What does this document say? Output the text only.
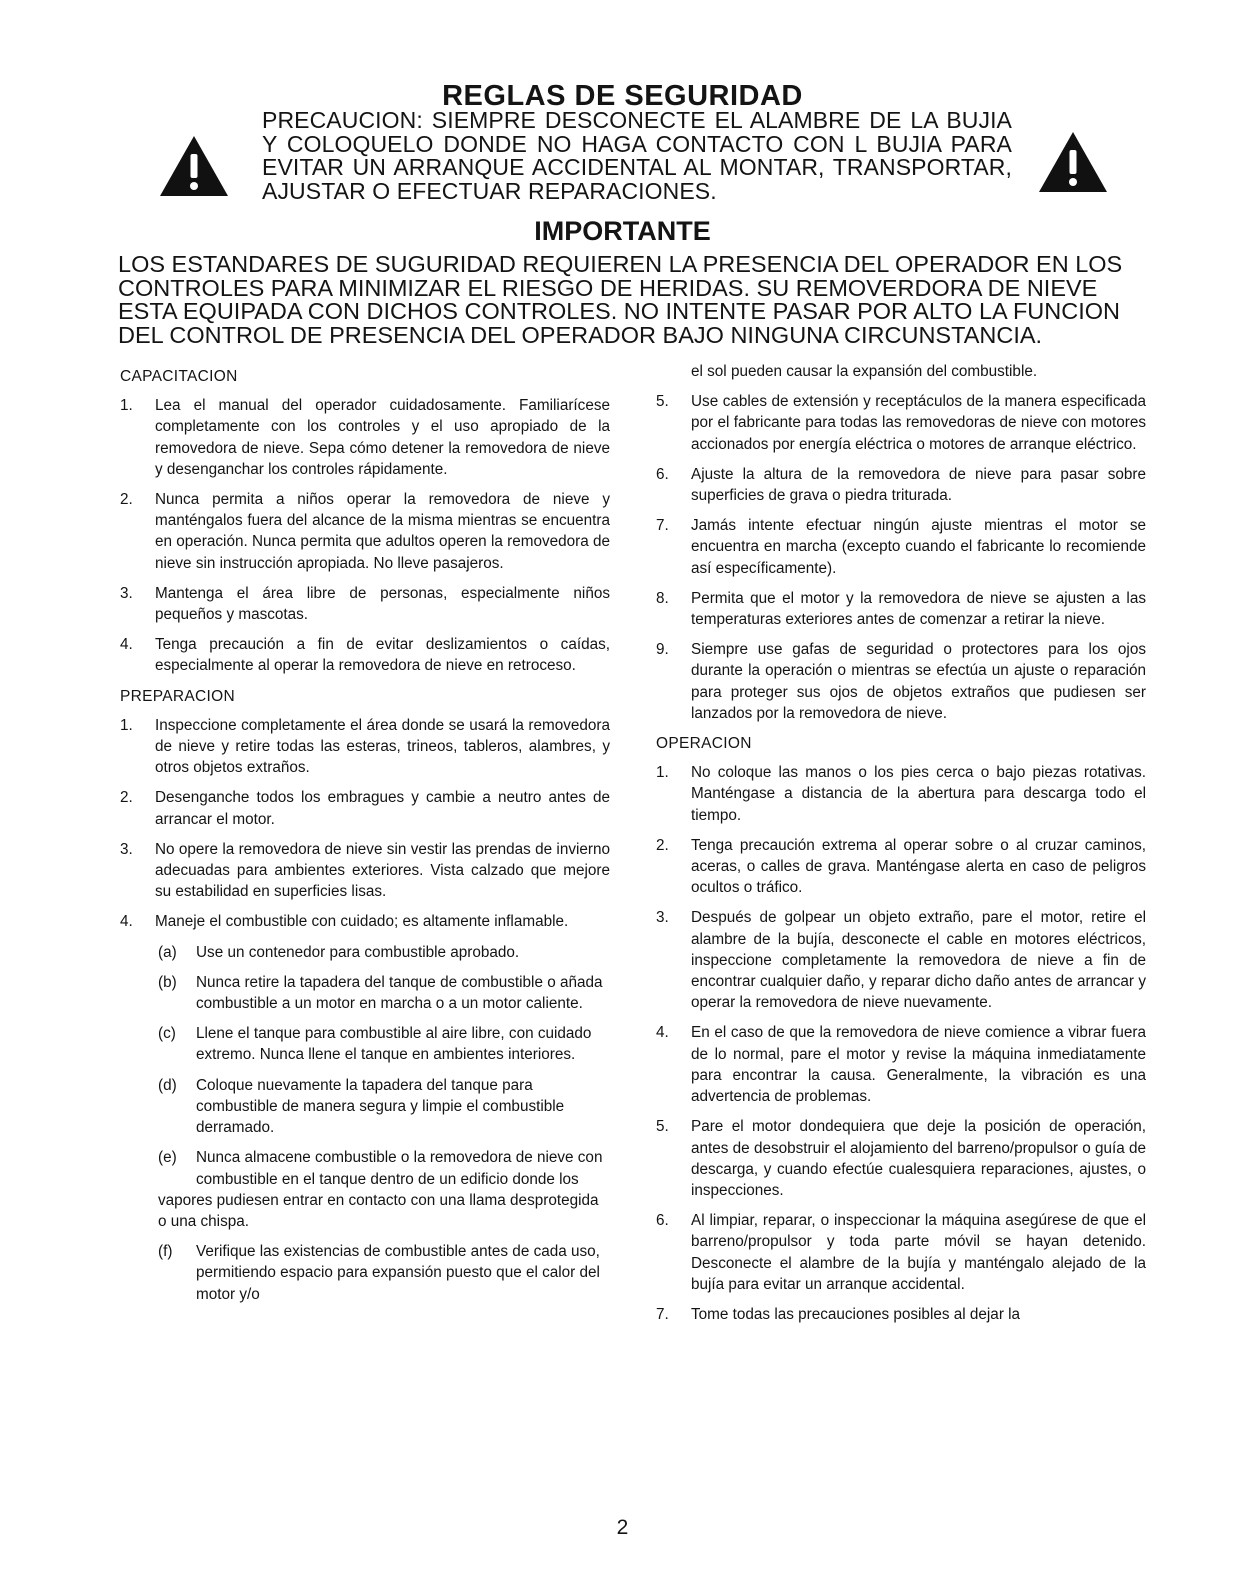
REGLAS DE SEGURIDAD
PRECAUCION: SIEMPRE DESCONECTE EL ALAMBRE DE LA BUJIA Y COLOQUELO DONDE NO HAGA CONTACTO CON L BUJIA PARA EVITAR UN ARRANQUE ACCIDENTAL AL MONTAR, TRANSPORTAR, AJUSTAR O EFECTUAR REPARACIONES.
IMPORTANTE
LOS ESTANDARES DE SUGURIDAD REQUIEREN LA PRESENCIA DEL OPERADOR EN LOS CONTROLES PARA MINIMIZAR EL RIESGO DE HERIDAS. SU REMOVERDORA DE NIEVE ESTA EQUIPADA CON DICHOS CONTROLES. NO INTENTE PASAR POR ALTO LA FUNCION DEL CONTROL DE PRESENCIA DEL OPERADOR BAJO NINGUNA CIRCUNSTANCIA.
CAPACITACION
1.	Lea el manual del operador cuidadosamente. Familiarícese completamente con los controles y el uso apropiado de la removedora de nieve. Sepa cómo detener la removedora de nieve y desenganchar los controles rápidamente.
2.	Nunca permita a niños operar la removedora de nieve y manténgalos fuera del alcance de la misma mientras se encuentra en operación. Nunca permita que adultos operen la removedora de nieve sin instrucción apropiada. No lleve pasajeros.
3.	Mantenga el área libre de personas, especialmente niños pequeños y mascotas.
4.	Tenga precaución a fin de evitar deslizamientos o caídas, especialmente al operar la removedora de nieve en retroceso.
PREPARACION
1.	Inspeccione completamente el área donde se usará la removedora de nieve y retire todas las esteras, trineos, tableros, alambres, y otros objetos extraños.
2.	Desenganche todos los embragues y cambie a neutro antes de arrancar el motor.
3.	No opere la removedora de nieve sin vestir las prendas de invierno adecuadas para ambientes exteriores. Vista calzado que mejore su estabilidad en superficies lisas.
4.	Maneje el combustible con cuidado; es altamente inflamable.
(a)	Use un contenedor para combustible aprobado.
(b)	Nunca retire la tapadera del tanque de combustible o añada combustible a un motor en marcha o a un motor caliente.
(c)	Llene el tanque para combustible al aire libre, con cuidado extremo. Nunca llene el tanque en ambientes interiores.
(d)	Coloque nuevamente la tapadera del tanque para combustible de manera segura y limpie el combustible derramado.
(e)	Nunca almacene combustible o la removedora de nieve con combustible en el tanque dentro de un edificio donde los
vapores pudiesen entrar en contacto con una llama desprotegida o una chispa.
(f)	Verifique las existencias de combustible antes de cada uso, permitiendo espacio para expansión puesto que el calor del motor y/o
el sol pueden causar la expansión del combustible.
5.	Use cables de extensión y receptáculos de la manera especificada por el fabricante para todas las removedoras de nieve con motores accionados por energía eléctrica o motores de arranque eléctrico.
6.	Ajuste la altura de la removedora de nieve para pasar sobre superficies de grava o piedra triturada.
7.	Jamás intente efectuar ningún ajuste mientras el motor se encuentra en marcha (excepto cuando el fabricante lo recomiende así específicamente).
8.	Permita que el motor y la removedora de nieve se ajusten a las temperaturas exteriores antes de comenzar a retirar la nieve.
9.	Siempre use gafas de seguridad o protectores para los ojos durante la operación o mientras se efectúa un ajuste o reparación para proteger sus ojos de objetos extraños que pudiesen ser lanzados por la removedora de nieve.
OPERACION
1.	No coloque las manos o los pies cerca o bajo piezas rotativas. Manténgase a distancia de la abertura para descarga todo el tiempo.
2.	Tenga precaución extrema al operar sobre o al cruzar caminos, aceras, o calles de grava. Manténgase alerta en caso de peligros ocultos o tráfico.
3.	Después de golpear un objeto extraño, pare el motor, retire el alambre de la bujía, desconecte el cable en motores eléctricos, inspeccione completamente la removedora de nieve a fin de encontrar cualquier daño, y reparar dicho daño antes de arrancar y operar la removedora de nieve nuevamente.
4.	En el caso de que la removedora de nieve comience a vibrar fuera de lo normal, pare el motor y revise la máquina inmediatamente para encontrar la causa. Generalmente, la vibración es una advertencia de problemas.
5.	Pare el motor dondequiera que deje la posición de operación, antes de desobstruir el alojamiento del barreno/propulsor o guía de descarga, y cuando efectúe cualesquiera reparaciones, ajustes, o inspecciones.
6.	Al limpiar, reparar, o inspeccionar la máquina asegúrese de que el barreno/propulsor y toda parte móvil se hayan detenido. Desconecte el alambre de la bujía y manténgalo alejado de la bujía para evitar un arranque accidental.
7.	Tome todas las precauciones posibles al dejar la
2
